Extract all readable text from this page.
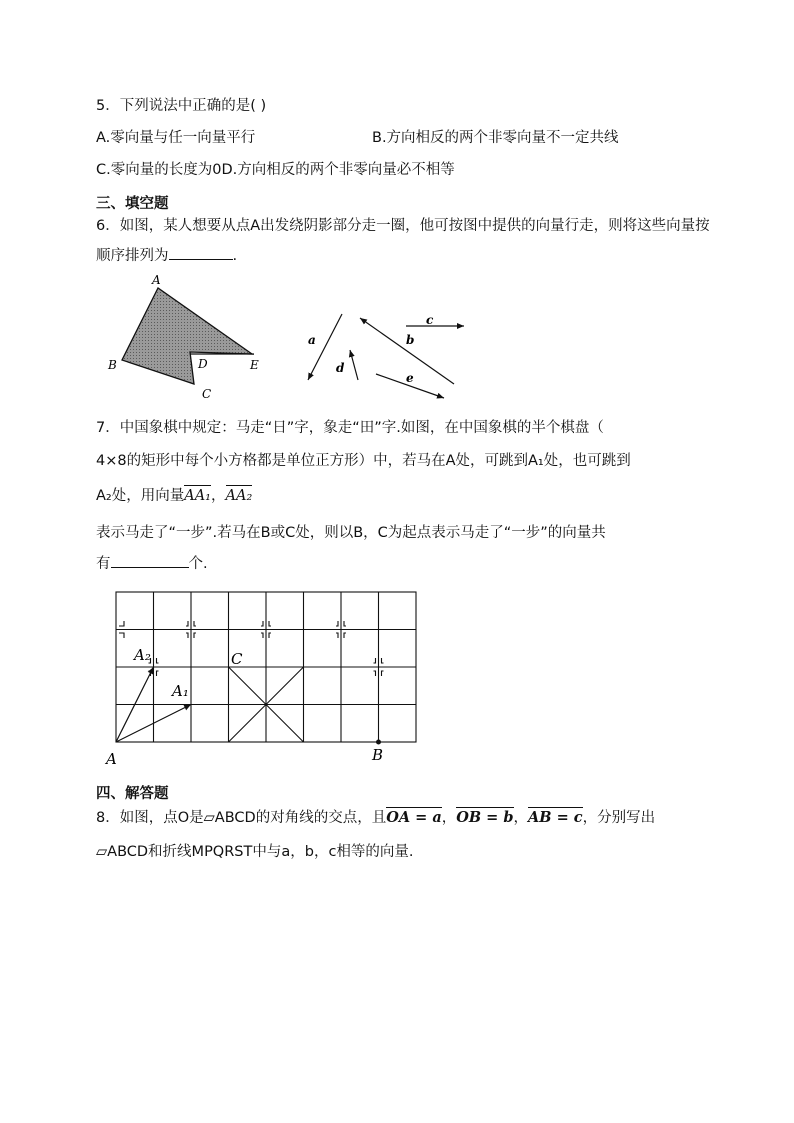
5．下列说法中正确的是( )
A.零向量与任一向量平行	B.方向相反的两个非零向量不一定共线
C.零向量的长度为0D.方向相反的两个非零向量必不相等
三、填空题
6．如图，某人想要从点A出发绕阴影部分走一圈，他可按图中提供的向量行走，则将这些向量按
顺序排列为	.
A
B
C
D	E
a	b
c
d
e
7．中国象棋中规定：马走“日”字，象走“田”字.如图，在中国象棋的半个棋盘（
4×8的矩形中每个小方格都是单位正方形）中，若马在A处，可跳到A₁处，也可跳到
A₂处，用向量AA₁，AA₂
表示马走了“一步”.若马在B或C处，则以B，C为起点表示马走了“一步”的向量共
有	个.
A
A₁
A₂
B
C
四、解答题
8．如图，点O是▱ABCD的对角线的交点，且OA = a，OB = b，AB = c，分别写出
▱ABCD和折线MPQRST中与a，b，c相等的向量.
